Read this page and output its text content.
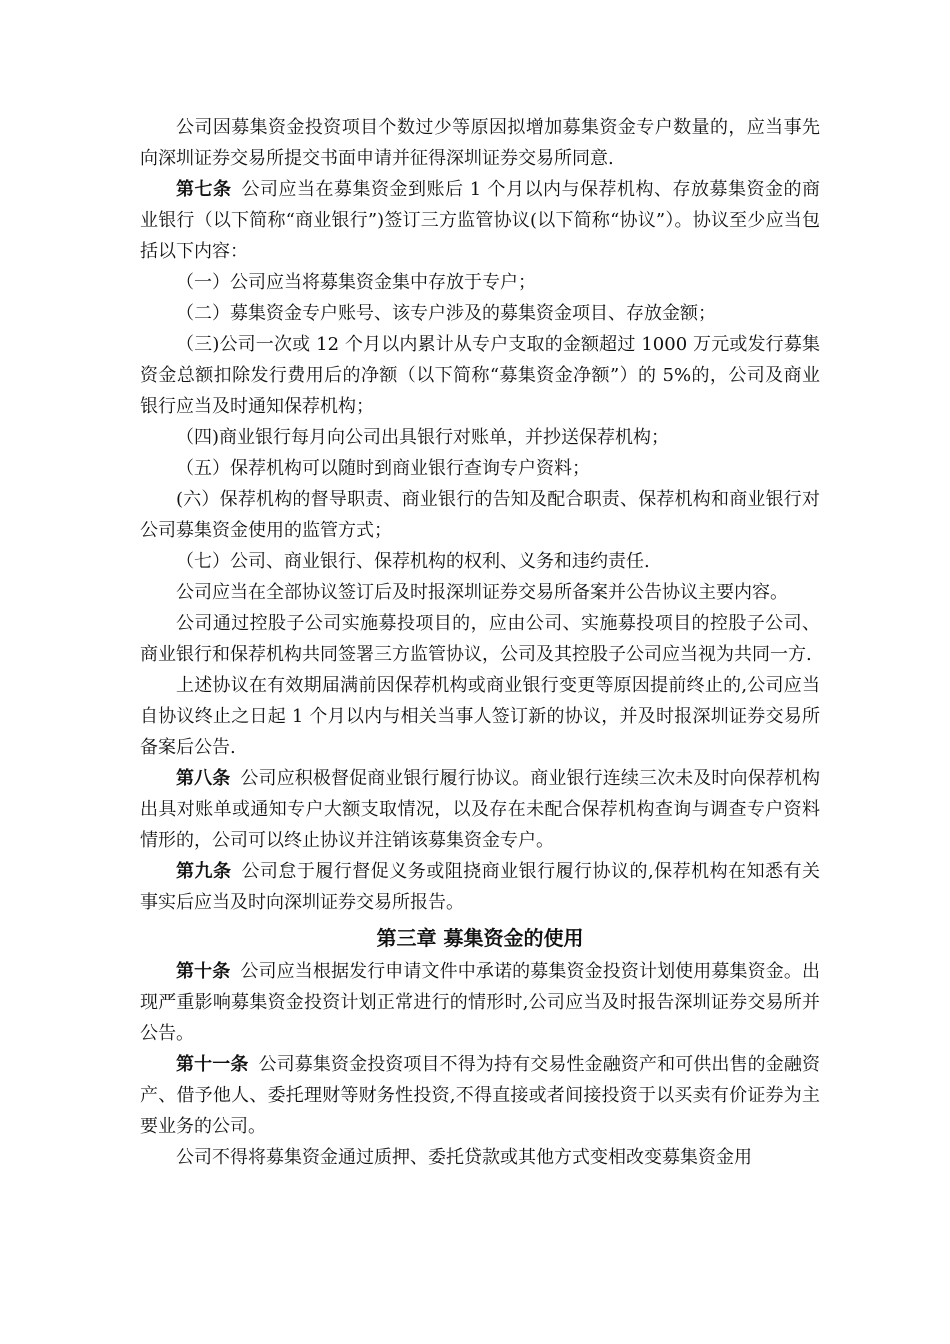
公司因募集资金投资项目个数过少等原因拟增加募集资金专户数量的，应当事先向深圳证券交易所提交书面申请并征得深圳证券交易所同意.

第七条 公司应当在募集资金到账后 1 个月以内与保荐机构、存放募集资金的商业银行（以下简称“商业银行”)签订三方监管协议(以下简称“协议”）。协议至少应当包括以下内容：

（一）公司应当将募集资金集中存放于专户；

（二）募集资金专户账号、该专户涉及的募集资金项目、存放金额；

（三)公司一次或 12 个月以内累计从专户支取的金额超过 1000 万元或发行募集资金总额扣除发行费用后的净额（以下简称“募集资金净额”）的 5%的，公司及商业银行应当及时通知保荐机构；

（四)商业银行每月向公司出具银行对账单，并抄送保荐机构；

（五）保荐机构可以随时到商业银行查询专户资料；

(六）保荐机构的督导职责、商业银行的告知及配合职责、保荐机构和商业银行对公司募集资金使用的监管方式；

（七）公司、商业银行、保荐机构的权利、义务和违约责任.

公司应当在全部协议签订后及时报深圳证券交易所备案并公告协议主要内容。

公司通过控股子公司实施募投项目的，应由公司、实施募投项目的控股子公司、商业银行和保荐机构共同签署三方监管协议，公司及其控股子公司应当视为共同一方.

上述协议在有效期届满前因保荐机构或商业银行变更等原因提前终止的,公司应当自协议终止之日起 1 个月以内与相关当事人签订新的协议，并及时报深圳证券交易所备案后公告.

第八条 公司应积极督促商业银行履行协议。商业银行连续三次未及时向保荐机构出具对账单或通知专户大额支取情况，以及存在未配合保荐机构查询与调查专户资料情形的，公司可以终止协议并注销该募集资金专户。

第九条 公司怠于履行督促义务或阻挠商业银行履行协议的,保荐机构在知悉有关事实后应当及时向深圳证券交易所报告。

第三章 募集资金的使用

第十条 公司应当根据发行申请文件中承诺的募集资金投资计划使用募集资金。出现严重影响募集资金投资计划正常进行的情形时,公司应当及时报告深圳证券交易所并公告。

第十一条 公司募集资金投资项目不得为持有交易性金融资产和可供出售的金融资产、借予他人、委托理财等财务性投资,不得直接或者间接投资于以买卖有价证券为主要业务的公司。

公司不得将募集资金通过质押、委托贷款或其他方式变相改变募集资金用
